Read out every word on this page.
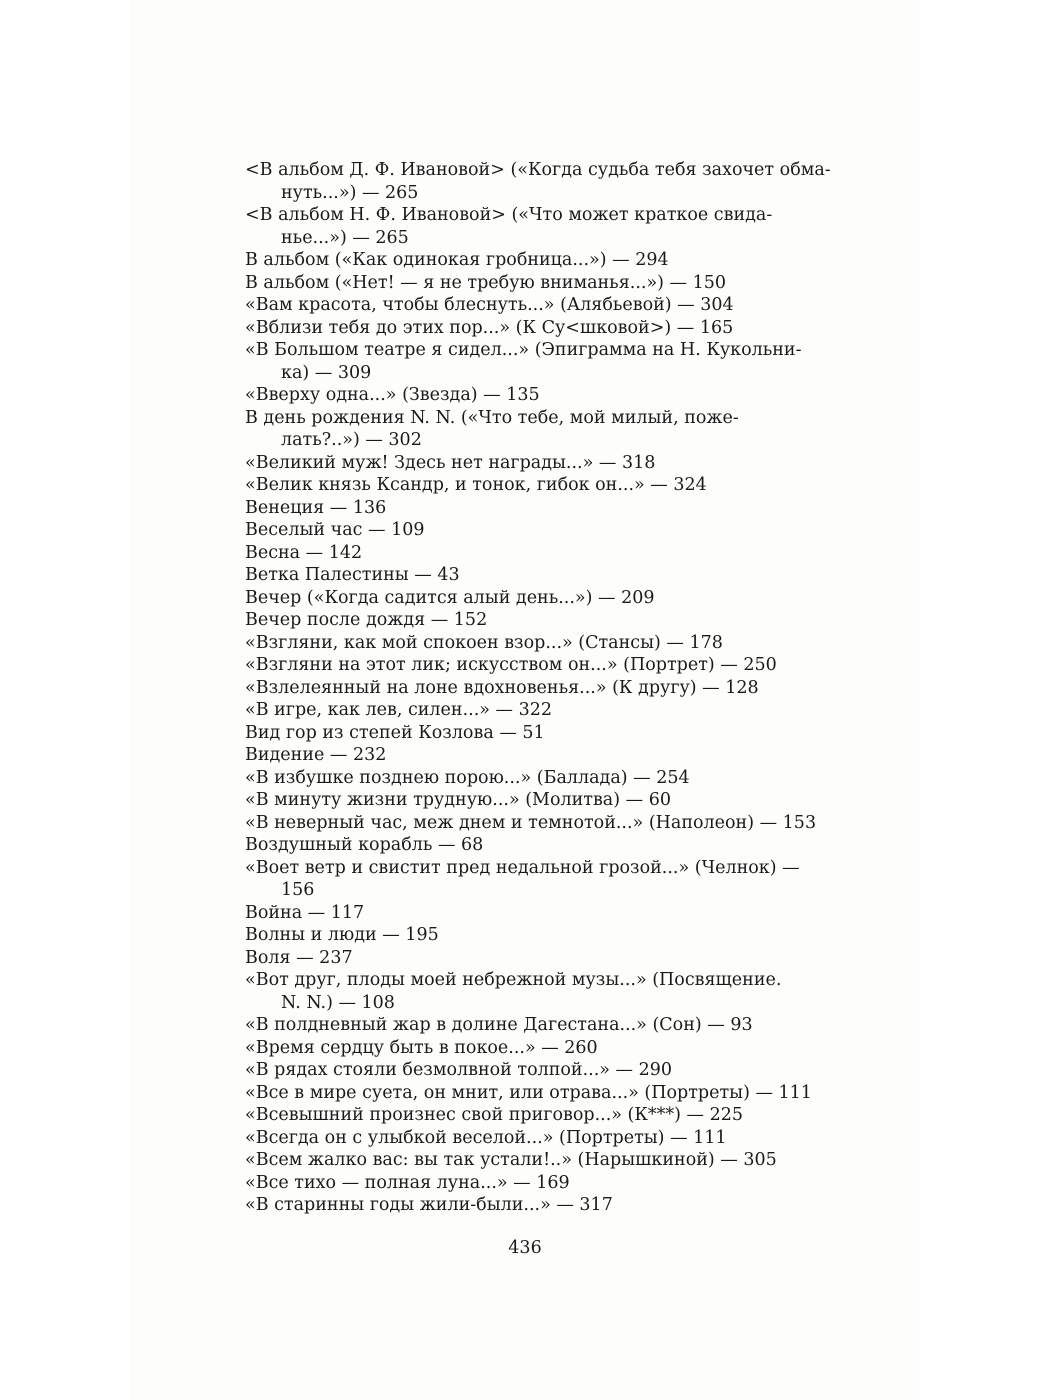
<В альбом Д. Ф. Ивановой> («Когда судьба тебя захочет обма-
нуть...») — 265
<В альбом Н. Ф. Ивановой> («Что может краткое свида-
нье...») — 265
В альбом («Как одинокая гробница...») — 294
В альбом («Нет! — я не требую вниманья...») — 150
«Вам красота, чтобы блеснуть...» (Алябьевой) — 304
«Вблизи тебя до этих пор...» (К Су<шковой>) — 165
«В Большом театре я сидел...» (Эпиграмма на Н. Кукольни-
ка) — 309
«Вверху одна...» (Звезда) — 135
В день рождения N. N. («Что тебе, мой милый, поже-
лать?..») — 302
«Великий муж! Здесь нет награды...» — 318
«Велик князь Ксандр, и тонок, гибок он...» — 324
Венеция — 136
Веселый час — 109
Весна — 142
Ветка Палестины — 43
Вечер («Когда садится алый день...») — 209
Вечер после дождя — 152
«Взгляни, как мой спокоен взор...» (Стансы) — 178
«Взгляни на этот лик; искусством он...» (Портрет) — 250
«Взлелеянный на лоне вдохновенья...» (К другу) — 128
«В игре, как лев, силен...» — 322
Вид гор из степей Козлова — 51
Видение — 232
«В избушке позднею порою...» (Баллада) — 254
«В минуту жизни трудную...» (Молитва) — 60
«В неверный час, меж днем и темнотой...» (Наполеон) — 153
Воздушный корабль — 68
«Воет ветр и свистит пред недальной грозой...» (Челнок) —
156
Война — 117
Волны и люди — 195
Воля — 237
«Вот друг, плоды моей небрежной музы...» (Посвящение.
N. N.) — 108
«В полдневный жар в долине Дагестана...» (Сон) — 93
«Время сердцу быть в покое...» — 260
«В рядах стояли безмолвной толпой...» — 290
«Все в мире суета, он мнит, или отрава...» (Портреты) — 111
«Всевышний произнес свой приговор...» (К***) — 225
«Всегда он с улыбкой веселой...» (Портреты) — 111
«Всем жалко вас: вы так устали!..» (Нарышкиной) — 305
«Все тихо — полная луна...» — 169
«В старинны годы жили-были...» — 317
436
